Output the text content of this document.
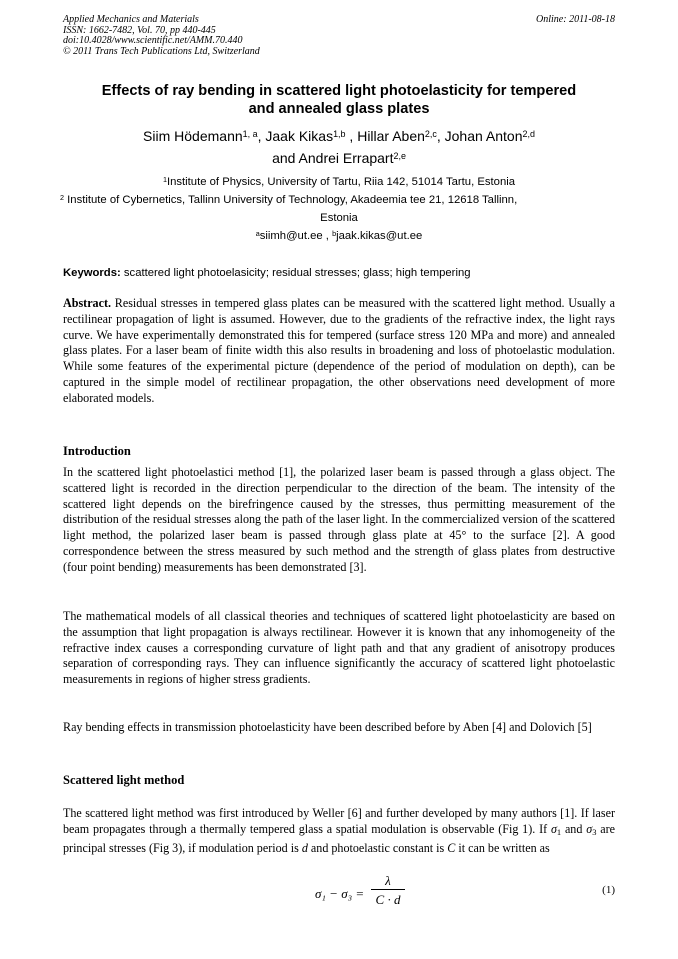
Applied Mechanics and Materials
ISSN: 1662-7482, Vol. 70, pp 440-445
doi:10.4028/www.scientific.net/AMM.70.440
© 2011 Trans Tech Publications Ltd, Switzerland
Online: 2011-08-18
Effects of ray bending in scattered light photoelasticity for tempered
and annealed glass plates
Siim Hödemann$^{1, a}$, Jaak Kikas$^{1,b}$ , Hillar Aben$^{2,c}$, Johan Anton$^{2,d}$
and Andrei Errapart$^{2,e}$
$^1$Institute of Physics, University of Tartu, Riia 142, 51014 Tartu, Estonia
$^2$ Institute of Cybernetics, Tallinn University of Technology, Akadeemia tee 21, 12618 Tallinn,
Estonia
$^a$siimh@ut.ee , $^b$jaak.kikas@ut.ee
Keywords: scattered light photoelasicity; residual stresses; glass; high tempering
Abstract. Residual stresses in tempered glass plates can be measured with the scattered light method. Usually a rectilinear propagation of light is assumed. However, due to the gradients of the refractive index, the light rays curve. We have experimentally demonstrated this for tempered (surface stress 120 MPa and more) and annealed glass plates. For a laser beam of finite width this also results in broadening and loss of photoelastic modulation. While some features of the experimental picture (dependence of the period of modulation on depth), can be captured in the simple model of rectilinear propagation, the other observations need development of more elaborated models.
Introduction
In the scattered light photoelastici method [1], the polarized laser beam is passed through a glass object. The scattered light is recorded in the direction perpendicular to the direction of the beam. The intensity of the scattered light depends on the birefringence caused by the stresses, thus permitting measurement of the distribution of the residual stresses along the path of the laser light. In the commercialized version of the scattered light method, the polarized laser beam is passed through glass plate at 45° to the surface [2]. A good correspondence between the stress measured by such method and the strength of glass plates from destructive (four point bending) measurements has been demonstrated [3].
The mathematical models of all classical theories and techniques of scattered light photoelasticity are based on the assumption that light propagation is always rectilinear. However it is known that any inhomogeneity of the refractive index causes a corresponding curvature of light path and that any gradient of anisotropy produces separation of corresponding rays. They can influence significantly the accuracy of scattered light photoelastic measurements in regions of higher stress gradients.
Ray bending effects in transmission photoelasticity have been described before by Aben [4] and Dolovich [5]
Scattered light method
The scattered light method was first introduced by Weller [6] and further developed by many authors [1]. If laser beam propagates through a thermally tempered glass a spatial modulation is observable (Fig 1). If $\sigma_1$ and $\sigma_3$ are principal stresses (Fig 3), if modulation period is d and photoelastic constant is C it can be written as
σ₁ − σ₃ =
λ
C · d
(1)
